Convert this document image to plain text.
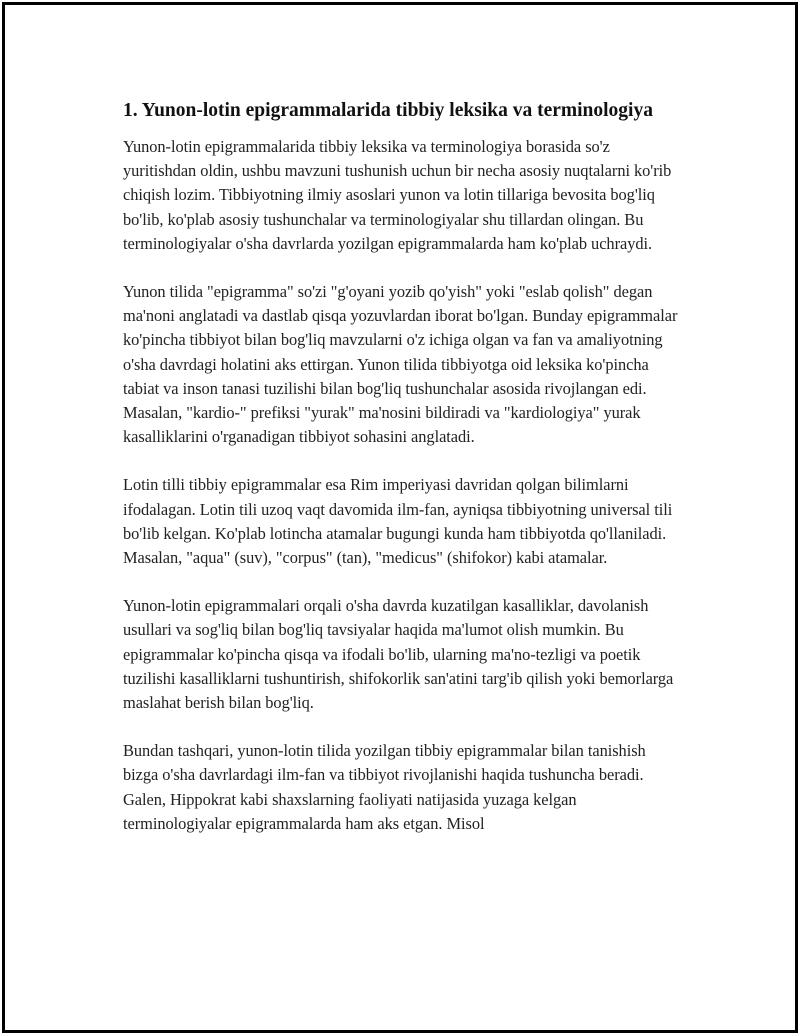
1. Yunon-lotin epigrammalarida tibbiy leksika va terminologiya

Yunon-lotin epigrammalarida tibbiy leksika va terminologiya borasida so'z yuritishdan oldin, ushbu mavzuni tushunish uchun bir necha asosiy nuqtalarni ko'rib chiqish lozim. Tibbiyotning ilmiy asoslari yunon va lotin tillariga bevosita bog'liq bo'lib, ko'plab asosiy tushunchalar va terminologiyalar shu tillardan olingan. Bu terminologiyalar o'sha davrlarda yozilgan epigrammalarda ham ko'plab uchraydi.

Yunon tilida "epigramma" so'zi "g'oyani yozib qo'yish" yoki "eslab qolish" degan ma'noni anglatadi va dastlab qisqa yozuvlardan iborat bo'lgan. Bunday epigrammalar ko'pincha tibbiyot bilan bog'liq mavzularni o'z ichiga olgan va fan va amaliyotning o'sha davrdagi holatini aks ettirgan. Yunon tilida tibbiyotga oid leksika ko'pincha tabiat va inson tanasi tuzilishi bilan bog'liq tushunchalar asosida rivojlangan edi. Masalan, "kardio-" prefiksi "yurak" ma'nosini bildiradi va "kardiologiya" yurak kasalliklarini o'rganadigan tibbiyot sohasini anglatadi.

Lotin tilli tibbiy epigrammalar esa Rim imperiyasi davridan qolgan bilimlarni ifodalagan. Lotin tili uzoq vaqt davomida ilm-fan, ayniqsa tibbiyotning universal tili bo'lib kelgan. Ko'plab lotincha atamalar bugungi kunda ham tibbiyotda qo'llaniladi. Masalan, "aqua" (suv), "corpus" (tan), "medicus" (shifokor) kabi atamalar.

Yunon-lotin epigrammalari orqali o'sha davrda kuzatilgan kasalliklar, davolanish usullari va sog'liq bilan bog'liq tavsiyalar haqida ma'lumot olish mumkin. Bu epigrammalar ko'pincha qisqa va ifodali bo'lib, ularning ma'no-tezligi va poetik tuzilishi kasalliklarni tushuntirish, shifokorlik san'atini targ'ib qilish yoki bemorlarga maslahat berish bilan bog'liq.

Bundan tashqari, yunon-lotin tilida yozilgan tibbiy epigrammalar bilan tanishish bizga o'sha davrlardagi ilm-fan va tibbiyot rivojlanishi haqida tushuncha beradi. Galen, Hippokrat kabi shaxslarning faoliyati natijasida yuzaga kelgan terminologiyalar epigrammalarda ham aks etgan. Misol
